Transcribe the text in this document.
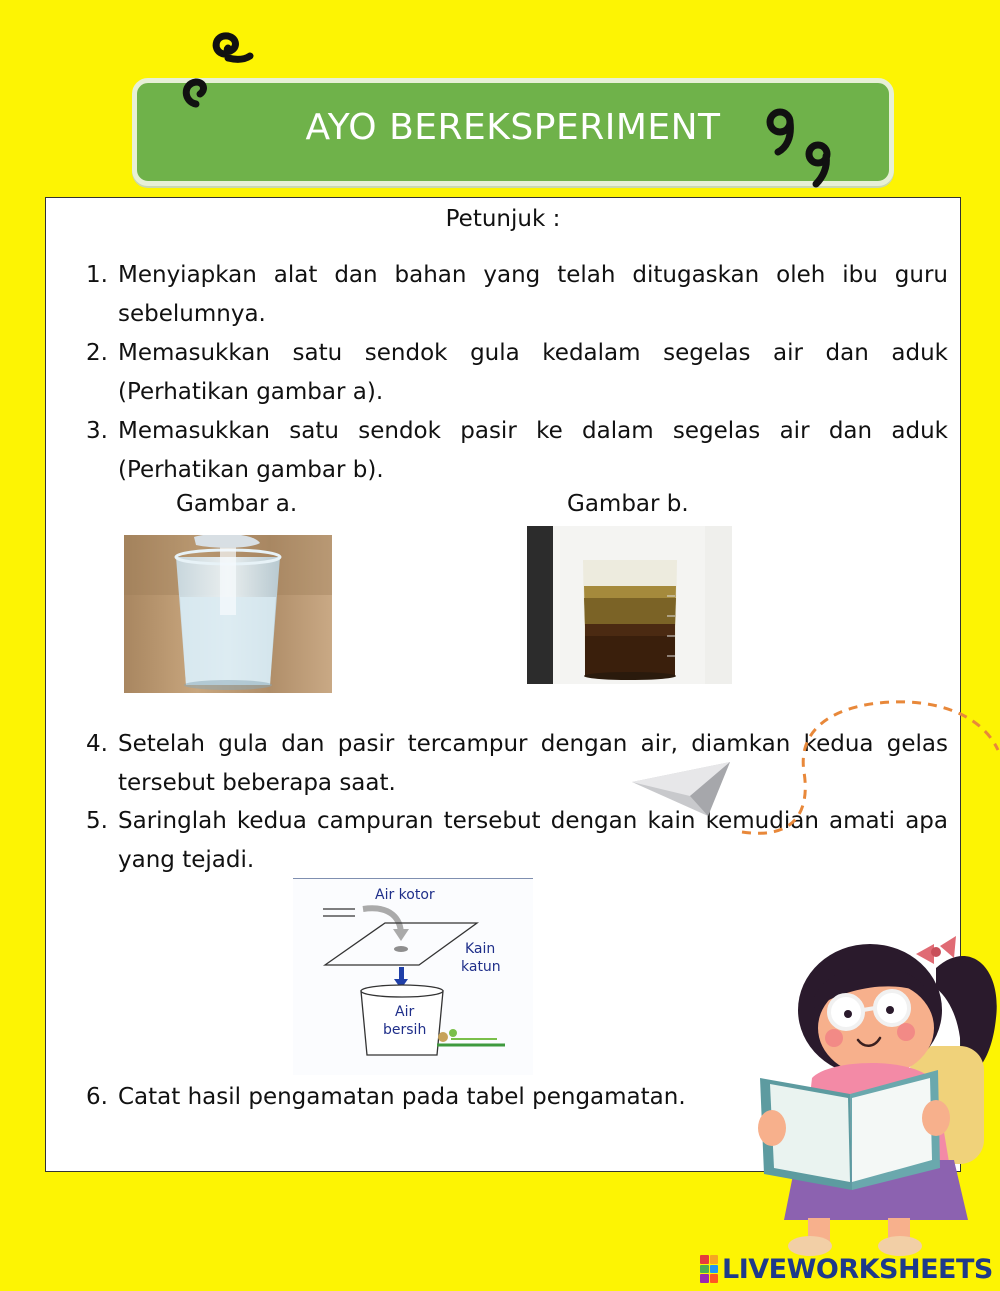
AYO BEREKSPERIMENT
Petunjuk :
1. Menyiapkan alat dan bahan yang telah ditugaskan oleh ibu guru sebelumnya.
2. Memasukkan satu sendok gula kedalam segelas air dan aduk (Perhatikan gambar a).
3. Memasukkan satu sendok pasir ke dalam segelas air dan aduk (Perhatikan gambar b).
Gambar a.	Gambar b.
4. Setelah gula dan pasir tercampur dengan air, diamkan kedua gelas tersebut beberapa saat.
5. Saringlah kedua campuran tersebut dengan kain kemudian amati apa yang tejadi.
Air kotor
Kain
katun
Air
bersih
6. Catat hasil pengamatan pada tabel pengamatan.
LIVEWORKSHEETS
